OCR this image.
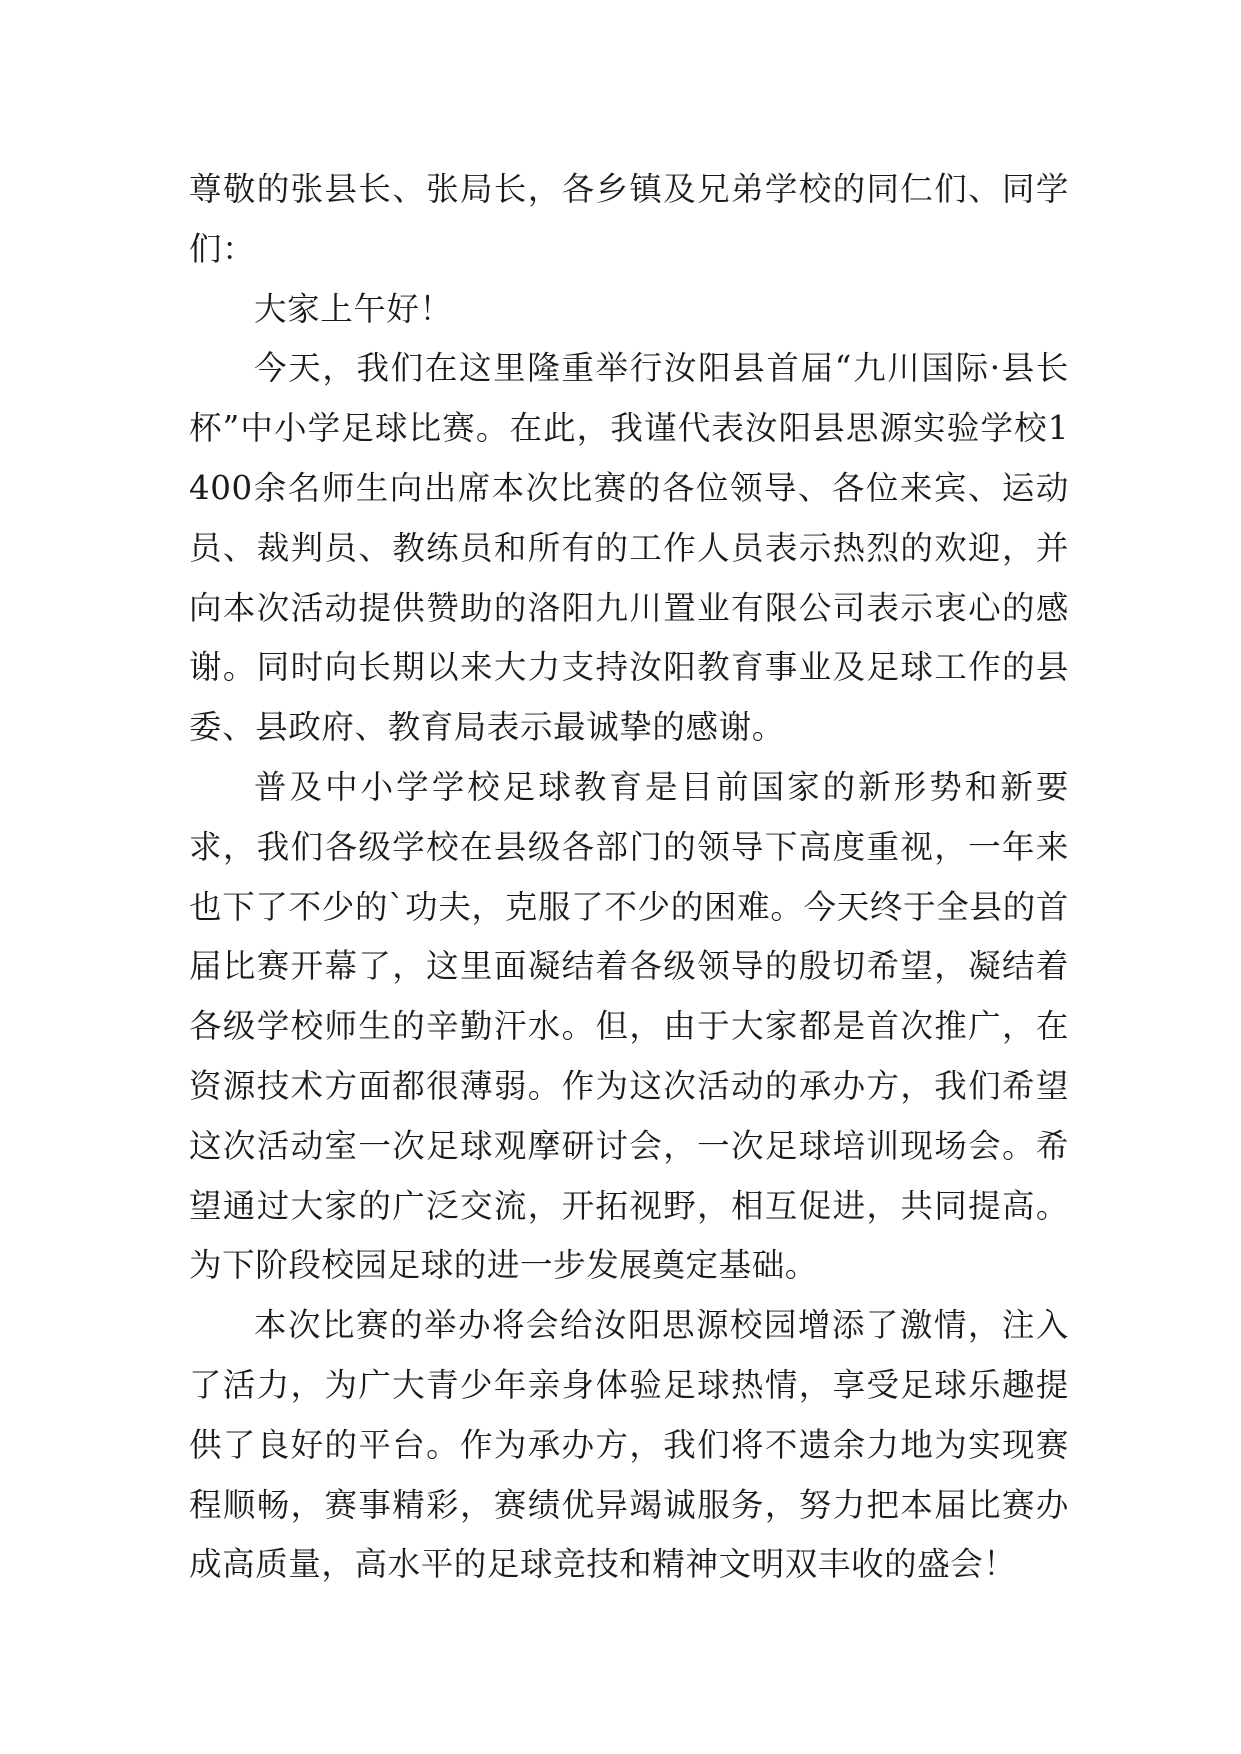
尊敬的张县长、张局长，各乡镇及兄弟学校的同仁们、同学们：

大家上午好！

今天，我们在这里隆重举行汝阳县首届“九川国际·县长杯”中小学足球比赛。在此，我谨代表汝阳县思源实验学校1400余名师生向出席本次比赛的各位领导、各位来宾、运动员、裁判员、教练员和所有的工作人员表示热烈的欢迎，并向本次活动提供赞助的洛阳九川置业有限公司表示衷心的感谢。同时向长期以来大力支持汝阳教育事业及足球工作的县委、县政府、教育局表示最诚挚的感谢。

普及中小学学校足球教育是目前国家的新形势和新要求，我们各级学校在县级各部门的领导下高度重视，一年来也下了不少的`功夫，克服了不少的困难。今天终于全县的首届比赛开幕了，这里面凝结着各级领导的殷切希望，凝结着各级学校师生的辛勤汗水。但，由于大家都是首次推广，在资源技术方面都很薄弱。作为这次活动的承办方，我们希望这次活动室一次足球观摩研讨会，一次足球培训现场会。希望通过大家的广泛交流，开拓视野，相互促进，共同提高。为下阶段校园足球的进一步发展奠定基础。

本次比赛的举办将会给汝阳思源校园增添了激情，注入了活力，为广大青少年亲身体验足球热情，享受足球乐趣提供了良好的平台。作为承办方，我们将不遗余力地为实现赛程顺畅，赛事精彩，赛绩优异竭诚服务，努力把本届比赛办成高质量，高水平的足球竞技和精神文明双丰收的盛会！
